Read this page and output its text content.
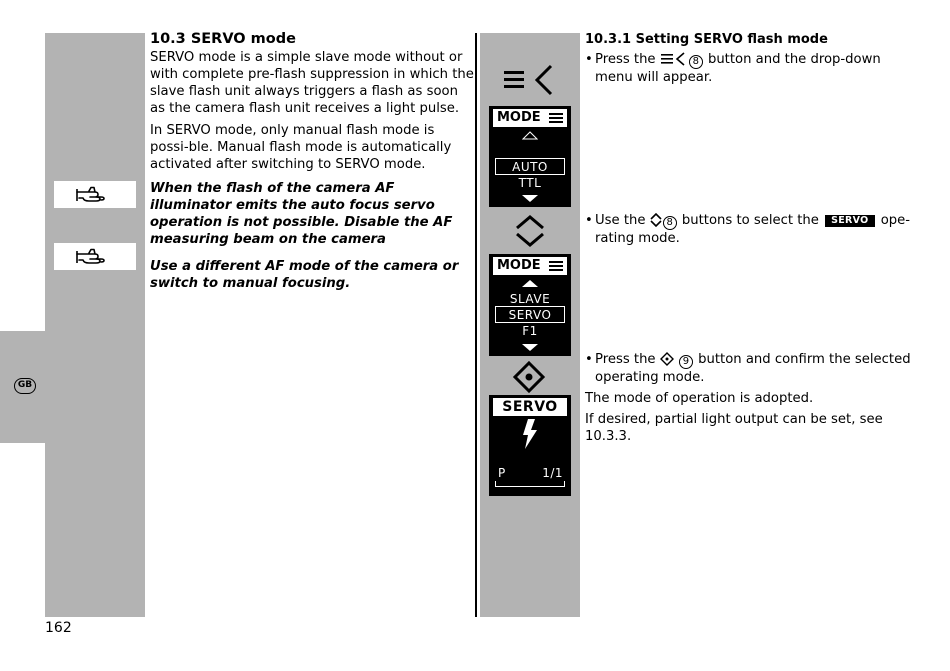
GB
10.3 SERVO mode

SERVO mode is a simple slave mode without or with complete pre-flash suppression in which the slave flash unit always triggers a flash as soon as the camera flash unit receives a light pulse.

In SERVO mode, only manual flash mode is possi-ble. Manual flash mode is automatically activated after switching to SERVO mode.

When the flash of the camera AF illuminator emits the auto focus servo operation is not possible. Disable the AF measuring beam on the camera

Use a different AF mode of the camera or switch to manual focusing.

MODE
AUTO
TTL
MODE
SLAVE
SERVO
F1
SERVO
P	1/1
10.3.1 Setting SERVO flash mode
• Press the	8 button and the drop-down menu will appear.
• Use the 8 buttons to select the SERVO ope-rating mode.
• Press the	9 button and confirm the selected operating mode.

The mode of operation is adopted.

If desired, partial light output can be set, see 10.3.3.

162
